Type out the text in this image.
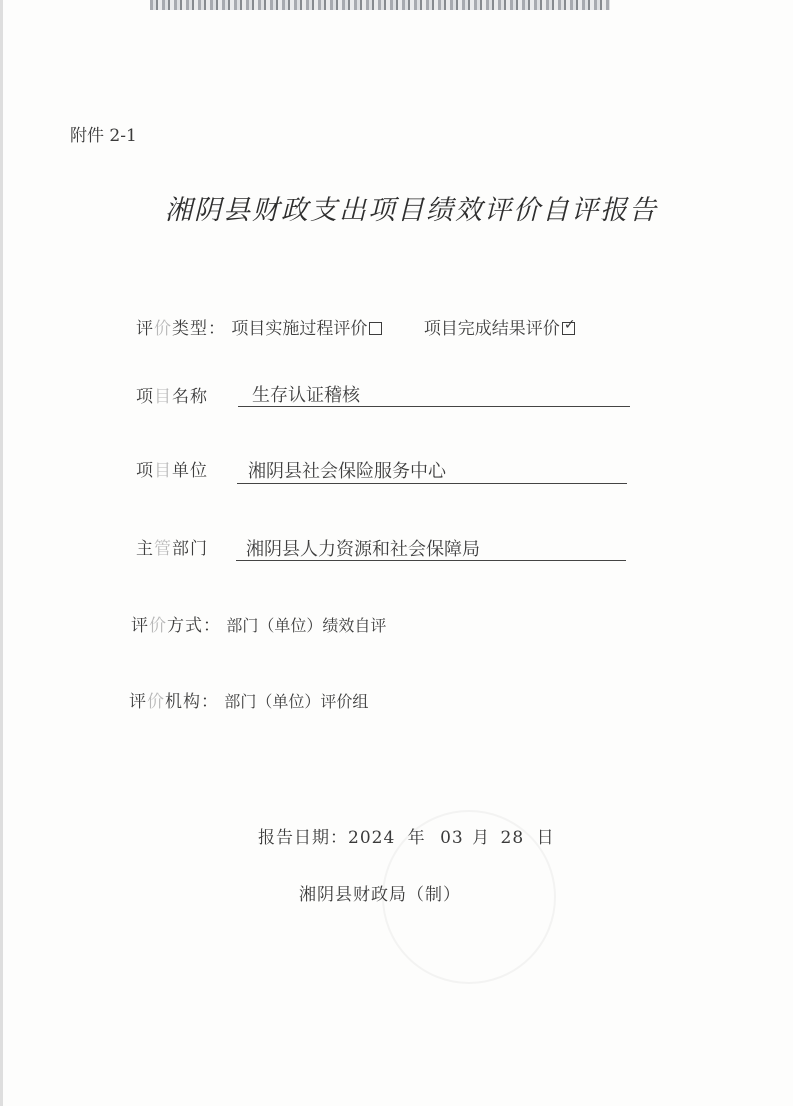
附件 2-1
湘阴县财政支出项目绩效评价自评报告
评价类型： 项目实施过程评价	项目完成结果评价 ✓
项目名称 生存认证稽核
项目单位 湘阴县社会保险服务中心
主管部门 湘阴县人力资源和社会保障局
评价方式： 部门（单位）绩效自评
评价机构： 部门（单位）评价组
报告日期：2024 年 03 月 28 日
湘阴县财政局（制）
